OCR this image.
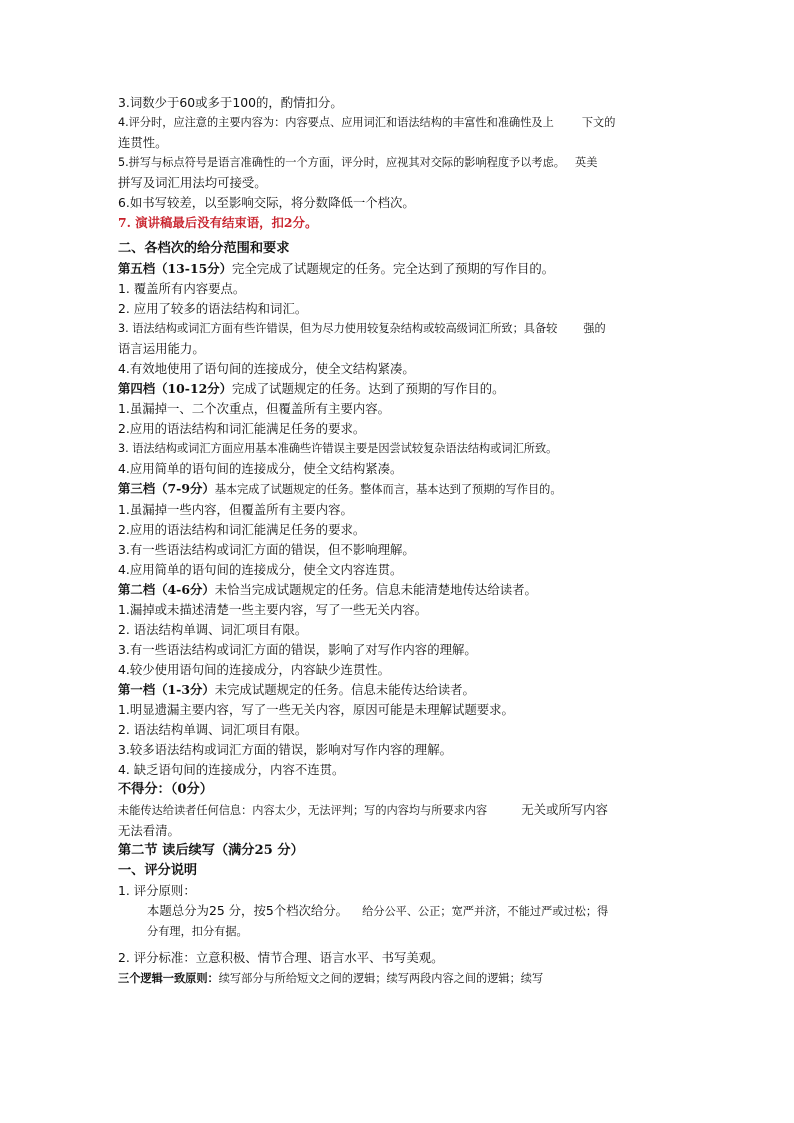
3.词数少于60或多于100的，酌情扣分。
4.评分时，应注意的主要内容为：内容要点、应用词汇和语法结构的丰富性和准确性及上	下文的
连贯性。
5.拼写与标点符号是语言准确性的一个方面，评分时，应视其对交际的影响程度予以考虑。 英美
拼写及词汇用法均可接受。
6.如书写较差，以至影响交际，将分数降低一个档次。
7. 演讲稿最后没有结束语，扣2分。
二、各档次的给分范围和要求
第五档（13-15分）完全完成了试题规定的任务。完全达到了预期的写作目的。
1. 覆盖所有内容要点。
2. 应用了较多的语法结构和词汇。
3. 语法结构或词汇方面有些许错误，但为尽力使用较复杂结构或较高级词汇所致；具备较 强的
语言运用能力。
4.有效地使用了语句间的连接成分，使全文结构紧凑。
第四档（10-12分）完成了试题规定的任务。达到了预期的写作目的。
1.虽漏掉一、二个次重点，但覆盖所有主要内容。
2.应用的语法结构和词汇能满足任务的要求。
3. 语法结构或词汇方面应用基本准确些许错误主要是因尝试较复杂语法结构或词汇所致。
4.应用简单的语句间的连接成分，使全文结构紧凑。
第三档（7-9分）基本完成了试题规定的任务。整体而言，基本达到了预期的写作目的。
1.虽漏掉一些内容，但覆盖所有主要内容。
2.应用的语法结构和词汇能满足任务的要求。
3.有一些语法结构或词汇方面的错误，但不影响理解。
4.应用简单的语句间的连接成分，使全文内容连贯。
第二档（4-6分）未恰当完成试题规定的任务。信息未能清楚地传达给读者。
1.漏掉或未描述清楚一些主要内容，写了一些无关内容。
2. 语法结构单调、词汇项目有限。
3.有一些语法结构或词汇方面的错误，影响了对写作内容的理解。
4.较少使用语句间的连接成分，内容缺少连贯性。
第一档（1-3分）未完成试题规定的任务。信息未能传达给读者。
1.明显遗漏主要内容，写了一些无关内容，原因可能是未理解试题要求。
2. 语法结构单调、词汇项目有限。
3.较多语法结构或词汇方面的错误，影响对写作内容的理解。
4. 缺乏语句间的连接成分，内容不连贯。
不得分：（0分）
未能传达给读者任何信息：内容太少，无法评判；写的内容均与所要求内容	无关或所写内容
无法看清。
第二节 读后续写（满分25 分）
一、评分说明
1. 评分原则：
本题总分为25 分，按5个档次给分。 给分公平、公正；宽严并济，不能过严或过松；得
分有理，扣分有据。
2. 评分标准：立意积极、情节合理、语言水平、书写美观。
三个逻辑一致原则：续写部分与所给短文之间的逻辑；续写两段内容之间的逻辑；续写
